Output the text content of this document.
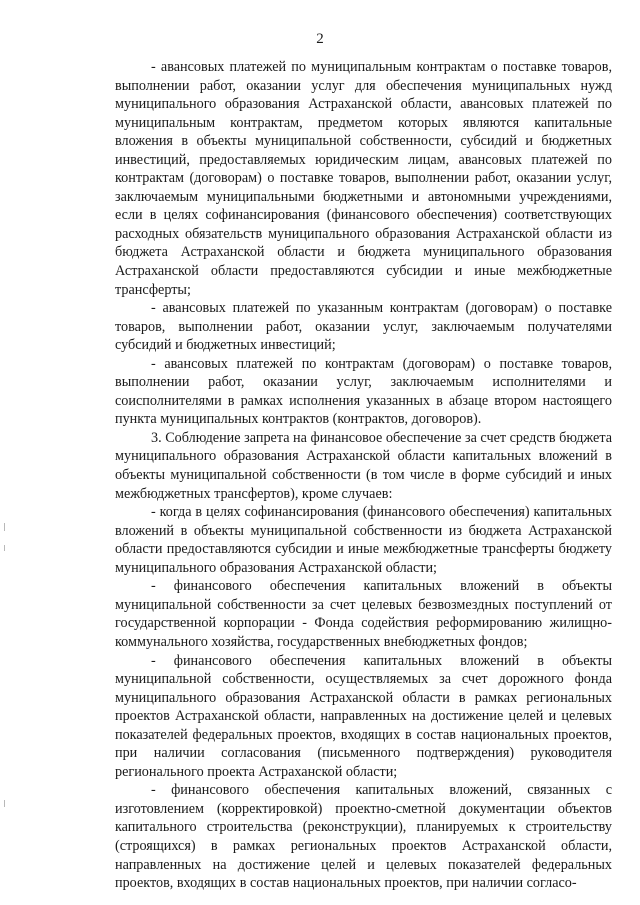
2

- авансовых платежей по муниципальным контрактам о поставке товаров, выполнении работ, оказании услуг для обеспечения муниципальных нужд муниципального образования Астраханской области, авансовых платежей по муниципальным контрактам, предметом которых являются капитальные вложения в объекты муниципальной собственности, субсидий и бюджетных инвестиций, предоставляемых юридическим лицам, авансовых платежей по контрактам (договорам) о поставке товаров, выполнении работ, оказании услуг, заключаемым муниципальными бюджетными и автономными учреждениями, если в целях софинансирования (финансового обеспечения) соответствующих расходных обязательств муниципального образования Астраханской области из бюджета Астраханской области и бюджета муниципального образования Астраханской области предоставляются субсидии и иные межбюджетные трансферты;

- авансовых платежей по указанным контрактам (договорам) о поставке товаров, выполнении работ, оказании услуг, заключаемым получателями субсидий и бюджетных инвестиций;

- авансовых платежей по контрактам (договорам) о поставке товаров, выполнении работ, оказании услуг, заключаемым исполнителями и соисполнителями в рамках исполнения указанных в абзаце втором настоящего пункта муниципальных контрактов (контрактов, договоров).

3. Соблюдение запрета на финансовое обеспечение за счет средств бюджета муниципального образования Астраханской области капитальных вложений в объекты муниципальной собственности (в том числе в форме субсидий и иных межбюджетных трансфертов), кроме случаев:

- когда в целях софинансирования (финансового обеспечения) капитальных вложений в объекты муниципальной собственности из бюджета Астраханской области предоставляются субсидии и иные межбюджетные трансферты бюджету муниципального образования Астраханской области;

- финансового обеспечения капитальных вложений в объекты муниципальной собственности за счет целевых безвозмездных поступлений от государственной корпорации - Фонда содействия реформированию жилищно-коммунального хозяйства, государственных внебюджетных фондов;

- финансового обеспечения капитальных вложений в объекты муниципальной собственности, осуществляемых за счет дорожного фонда муниципального образования Астраханской области в рамках региональных проектов Астраханской области, направленных на достижение целей и целевых показателей федеральных проектов, входящих в состав национальных проектов, при наличии согласования (письменного подтверждения) руководителя регионального проекта Астраханской области;

- финансового обеспечения капитальных вложений, связанных с изготовлением (корректировкой) проектно-сметной документации объектов капитального строительства (реконструкции), планируемых к строительству (строящихся) в рамках региональных проектов Астраханской области, направленных на достижение целей и целевых показателей федеральных проектов, входящих в состав национальных проектов, при наличии согласо-
